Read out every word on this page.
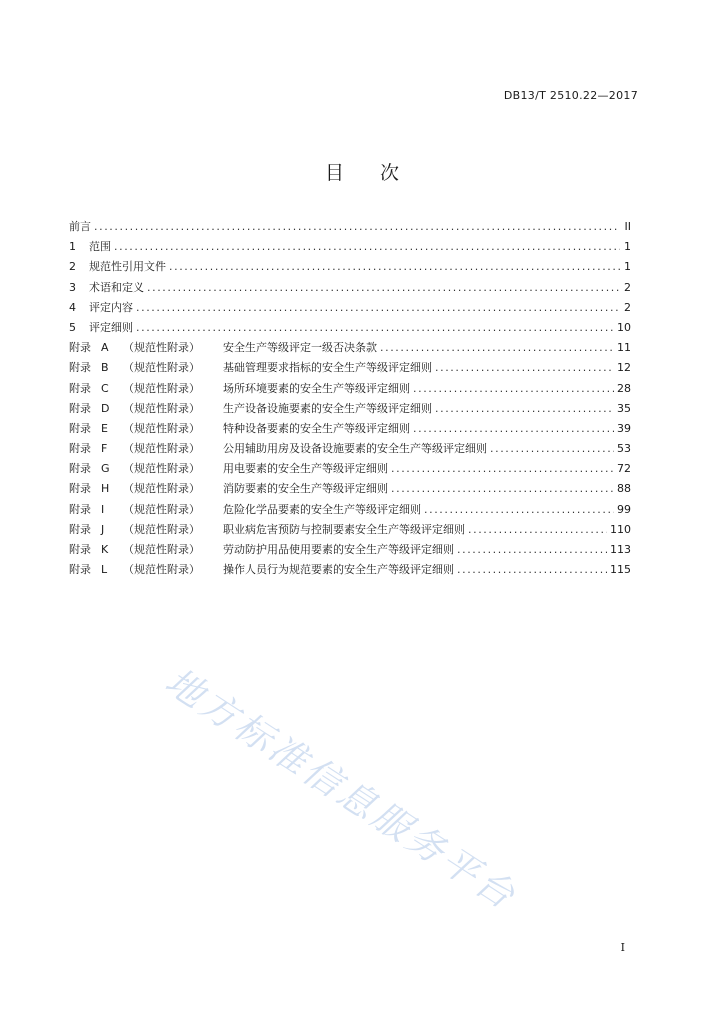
DB13/T 2510.22—2017
目 次
前言 .....	II
1	范围 .....	1
2	规范性引用文件 .....	1
3	术语和定义 .....	2
4	评定内容 .....	2
5	评定细则 .....	10
附录 A	（规范性附录）	安全生产等级评定一级否决条款 .....	11
附录 B	（规范性附录）	基础管理要求指标的安全生产等级评定细则 .....	12
附录 C	（规范性附录）	场所环境要素的安全生产等级评定细则 .....	28
附录 D	（规范性附录）	生产设备设施要素的安全生产等级评定细则 .....	35
附录 E	（规范性附录）	特种设备要素的安全生产等级评定细则 .....	39
附录 F	（规范性附录）	公用辅助用房及设备设施要素的安全生产等级评定细则 .....	53
附录 G	（规范性附录）	用电要素的安全生产等级评定细则 .....	72
附录 H	（规范性附录）	消防要素的安全生产等级评定细则 .....	88
附录 I	（规范性附录）	危险化学品要素的安全生产等级评定细则 .....	99
附录 J	（规范性附录）	职业病危害预防与控制要素安全生产等级评定细则 .....	110
附录 K	（规范性附录）	劳动防护用品使用要素的安全生产等级评定细则 .....	113
附录 L	（规范性附录）	操作人员行为规范要素的安全生产等级评定细则 .....	115
地方标准信息服务平台
I
